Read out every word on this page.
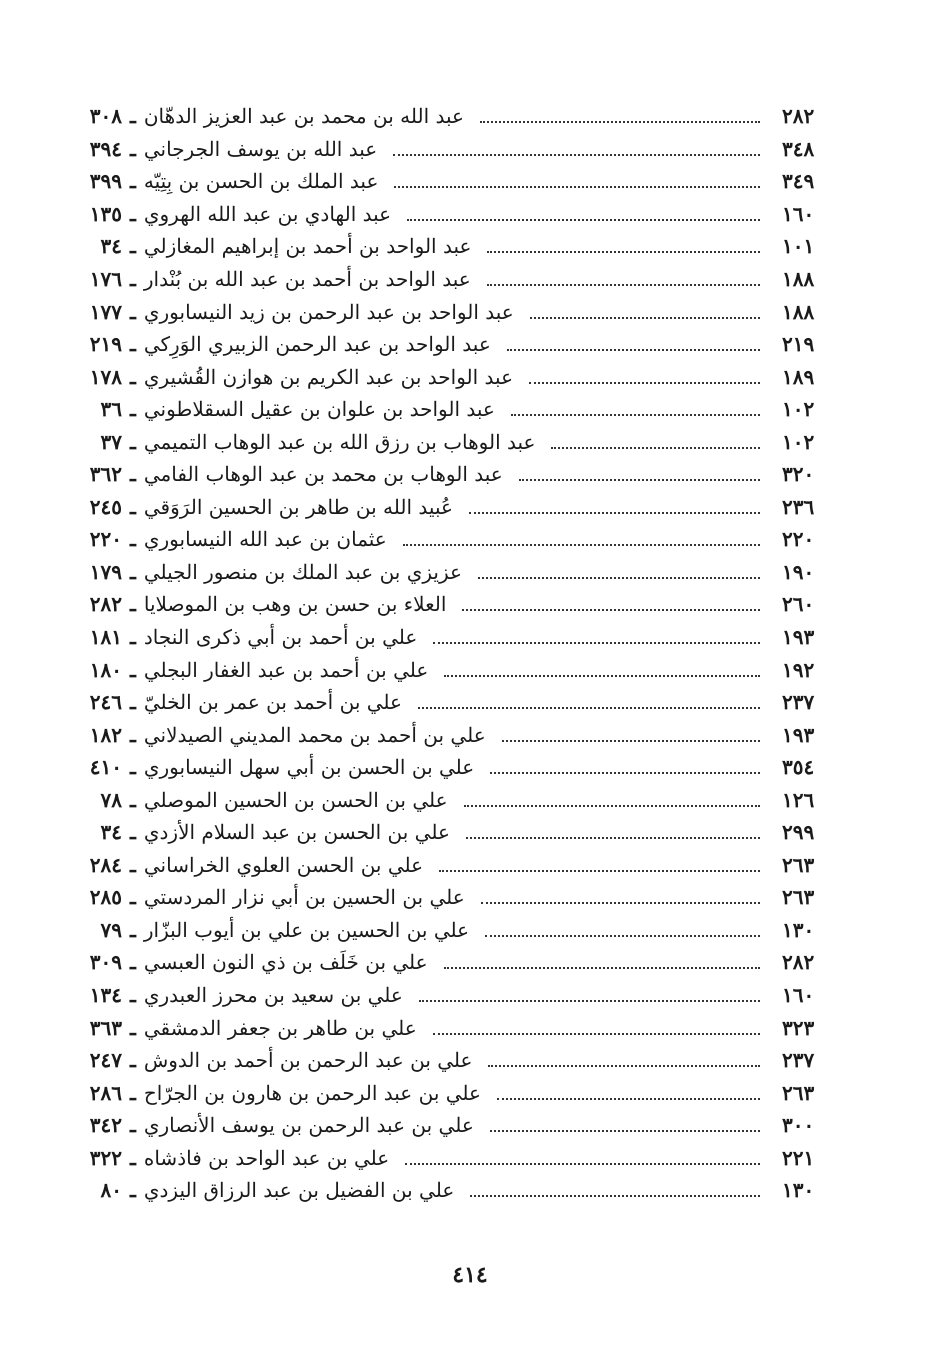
٣٠٨ ـ عبد الله بن محمد بن عبد العزيز الدهّان	٢٨٢
٣٩٤ ـ عبد الله بن يوسف الجرجاني	٣٤٨
٣٩٩ ـ عبد الملك بن الحسن بن بِتِيّه	٣٤٩
١٣٥ ـ عبد الهادي بن عبد الله الهروي	١٦٠
٣٤ ـ عبد الواحد بن أحمد بن إبراهيم المغازلي	١٠١
١٧٦ ـ عبد الواحد بن أحمد بن عبد الله بن بُنْدار	١٨٨
١٧٧ ـ عبد الواحد بن عبد الرحمن بن زيد النيسابوري	١٨٨
٢١٩ ـ عبد الواحد بن عبد الرحمن الزبيري الوَرِكي	٢١٩
١٧٨ ـ عبد الواحد بن عبد الكريم بن هوازن القُشيري	١٨٩
٣٦ ـ عبد الواحد بن علوان بن عقيل السقلاطوني	١٠٢
٣٧ ـ عبد الوهاب بن رزق الله بن عبد الوهاب التميمي	١٠٢
٣٦٢ ـ عبد الوهاب بن محمد بن عبد الوهاب الفامي	٣٢٠
٢٤٥ ـ عُبيد الله بن طاهر بن الحسين الرَوَقي	٢٣٦
٢٢٠ ـ عثمان بن عبد الله النيسابوري	٢٢٠
١٧٩ ـ عزيزي بن عبد الملك بن منصور الجيلي	١٩٠
٢٨٢ ـ العلاء بن حسن بن وهب بن الموصلايا	٢٦٠
١٨١ ـ علي بن أحمد بن أبي ذكرى النجاد	١٩٣
١٨٠ ـ علي بن أحمد بن عبد الغفار البجلي	١٩٢
٢٤٦ ـ علي بن أحمد بن عمر بن الخليّ	٢٣٧
١٨٢ ـ علي بن أحمد بن محمد المديني الصيدلاني	١٩٣
٤١٠ ـ علي بن الحسن بن أبي سهل النيسابوري	٣٥٤
٧٨ ـ علي بن الحسن بن الحسين الموصلي	١٢٦
٣٤ ـ علي بن الحسن بن عبد السلام الأزدي	٢٩٩
٢٨٤ ـ علي بن الحسن العلوي الخراساني	٢٦٣
٢٨٥ ـ علي بن الحسين بن أبي نزار المردستي	٢٦٣
٧٩ ـ علي بن الحسين بن علي بن أيوب البزّار	١٣٠
٣٠٩ ـ علي بن خَلَف بن ذي النون العبسي	٢٨٢
١٣٤ ـ علي بن سعيد بن محرز العبدري	١٦٠
٣٦٣ ـ علي بن طاهر بن جعفر الدمشقي	٣٢٣
٢٤٧ ـ علي بن عبد الرحمن بن أحمد بن الدوش	٢٣٧
٢٨٦ ـ علي بن عبد الرحمن بن هارون بن الجرّاح	٢٦٣
٣٤٢ ـ علي بن عبد الرحمن بن يوسف الأنصاري	٣٠٠
٣٢٢ ـ علي بن عبد الواحد بن فاذشاه	٢٢١
٨٠ ـ علي بن الفضيل بن عبد الرزاق اليزدي	١٣٠
٤١٤
